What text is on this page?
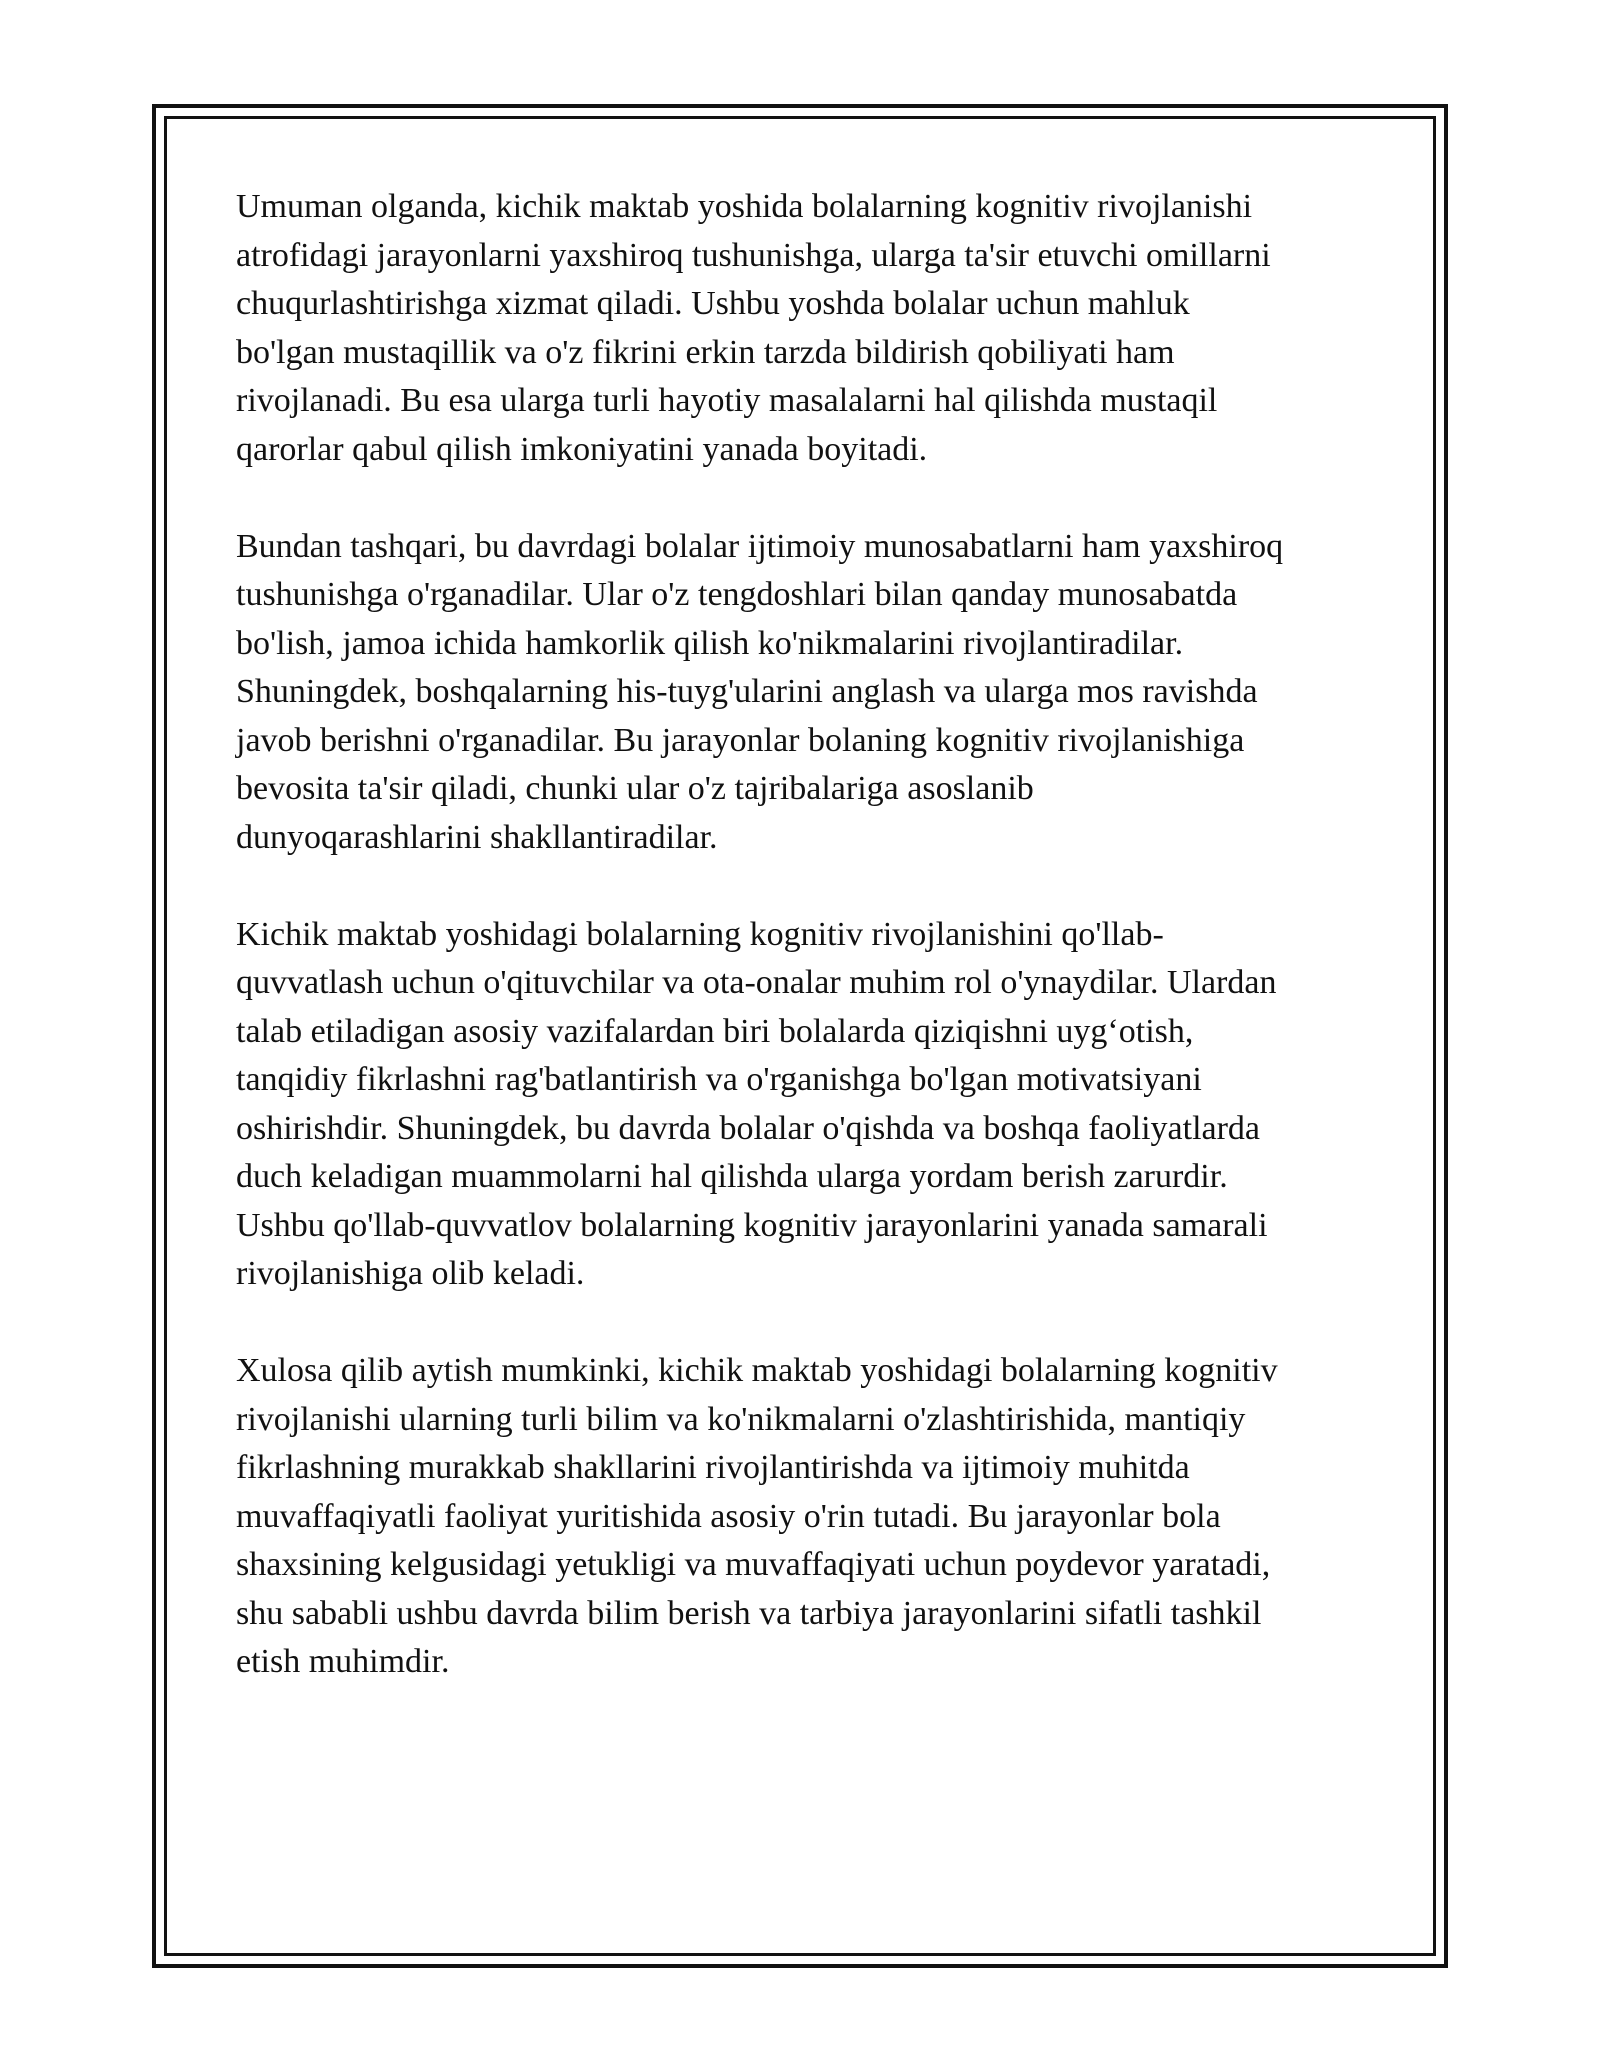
Umuman olganda, kichik maktab yoshida bolalarning kognitiv rivojlanishi
atrofidagi jarayonlarni yaxshiroq tushunishga, ularga ta'sir etuvchi omillarni
chuqurlashtirishga xizmat qiladi. Ushbu yoshda bolalar uchun mahluk
bo'lgan mustaqillik va o'z fikrini erkin tarzda bildirish qobiliyati ham
rivojlanadi. Bu esa ularga turli hayotiy masalalarni hal qilishda mustaqil
qarorlar qabul qilish imkoniyatini yanada boyitadi.

Bundan tashqari, bu davrdagi bolalar ijtimoiy munosabatlarni ham yaxshiroq
tushunishga o'rganadilar. Ular o'z tengdoshlari bilan qanday munosabatda
bo'lish, jamoa ichida hamkorlik qilish ko'nikmalarini rivojlantiradilar.
Shuningdek, boshqalarning his-tuyg'ularini anglash va ularga mos ravishda
javob berishni o'rganadilar. Bu jarayonlar bolaning kognitiv rivojlanishiga
bevosita ta'sir qiladi, chunki ular o'z tajribalariga asoslanib
dunyoqarashlarini shakllantiradilar.

Kichik maktab yoshidagi bolalarning kognitiv rivojlanishini qo'llab-
quvvatlash uchun o'qituvchilar va ota-onalar muhim rol o'ynaydilar. Ulardan
talab etiladigan asosiy vazifalardan biri bolalarda qiziqishni uyg‘otish,
tanqidiy fikrlashni rag'batlantirish va o'rganishga bo'lgan motivatsiyani
oshirishdir. Shuningdek, bu davrda bolalar o'qishda va boshqa faoliyatlarda
duch keladigan muammolarni hal qilishda ularga yordam berish zarurdir.
Ushbu qo'llab-quvvatlov bolalarning kognitiv jarayonlarini yanada samarali
rivojlanishiga olib keladi.

Xulosa qilib aytish mumkinki, kichik maktab yoshidagi bolalarning kognitiv
rivojlanishi ularning turli bilim va ko'nikmalarni o'zlashtirishida, mantiqiy
fikrlashning murakkab shakllarini rivojlantirishda va ijtimoiy muhitda
muvaffaqiyatli faoliyat yuritishida asosiy o'rin tutadi. Bu jarayonlar bola
shaxsining kelgusidagi yetukligi va muvaffaqiyati uchun poydevor yaratadi,
shu sababli ushbu davrda bilim berish va tarbiya jarayonlarini sifatli tashkil
etish muhimdir.
